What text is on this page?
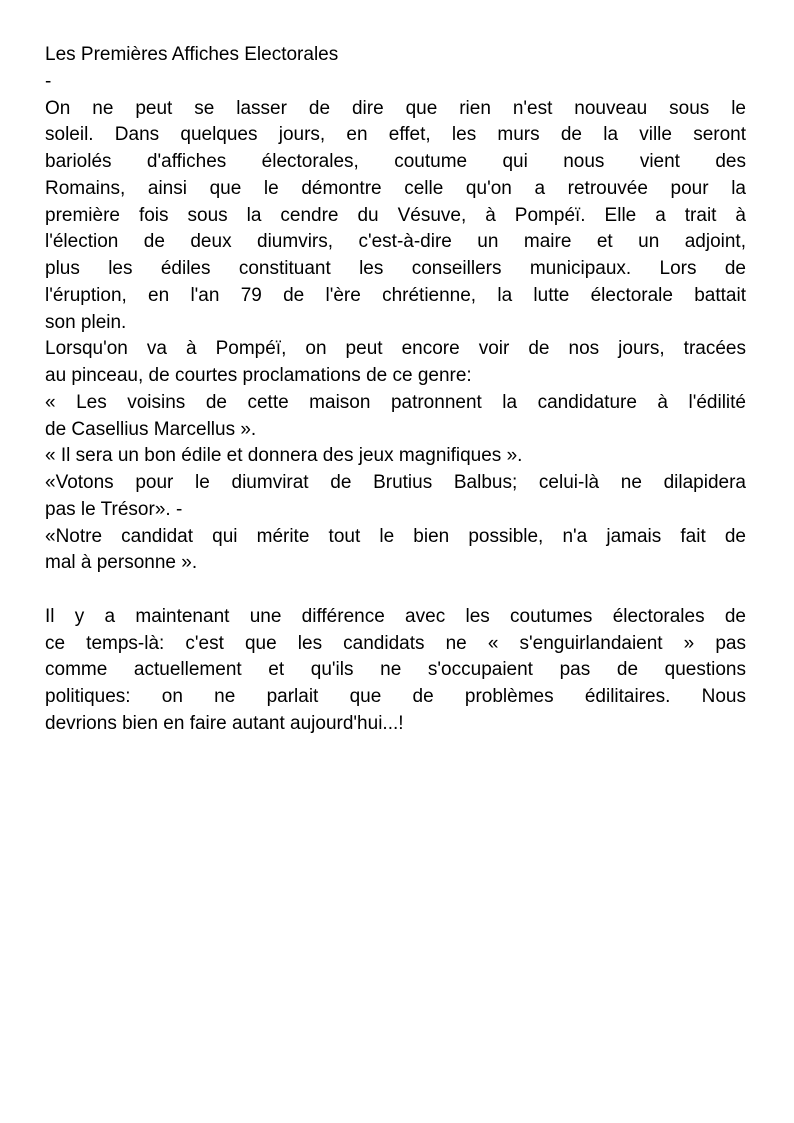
Les Premières Affiches Electorales
-
On ne peut se lasser de dire que rien n'est nouveau sous le
soleil. Dans quelques jours, en effet, les murs de la ville seront
bariolés d'affiches électorales, coutume qui nous vient des
Romains, ainsi que le démontre celle qu'on a retrouvée pour la
première fois sous la cendre du Vésuve, à Pompéï. Elle a trait à
l'élection de deux diumvirs, c'est-à-dire un maire et un adjoint,
plus les édiles constituant les conseillers municipaux. Lors de
l'éruption, en l'an 79 de l'ère chrétienne, la lutte électorale battait
son plein.
Lorsqu'on va à Pompéï, on peut encore voir de nos jours, tracées
au pinceau, de courtes proclamations de ce genre:
« Les voisins de cette maison patronnent la candidature à l'édilité
de Casellius Marcellus ».
« Il sera un bon édile et donnera des jeux magnifiques ».
«Votons pour le diumvirat de Brutius Balbus; celui-là ne dilapidera
pas le Trésor». -
«Notre candidat qui mérite tout le bien possible, n'a jamais fait de
mal à personne ».

Il y a maintenant une différence avec les coutumes électorales de
ce temps-là: c'est que les candidats ne « s'enguirlandaient » pas
comme actuellement et qu'ils ne s'occupaient pas de questions
politiques: on ne parlait que de problèmes édilitaires. Nous
devrions bien en faire autant aujourd'hui...!
